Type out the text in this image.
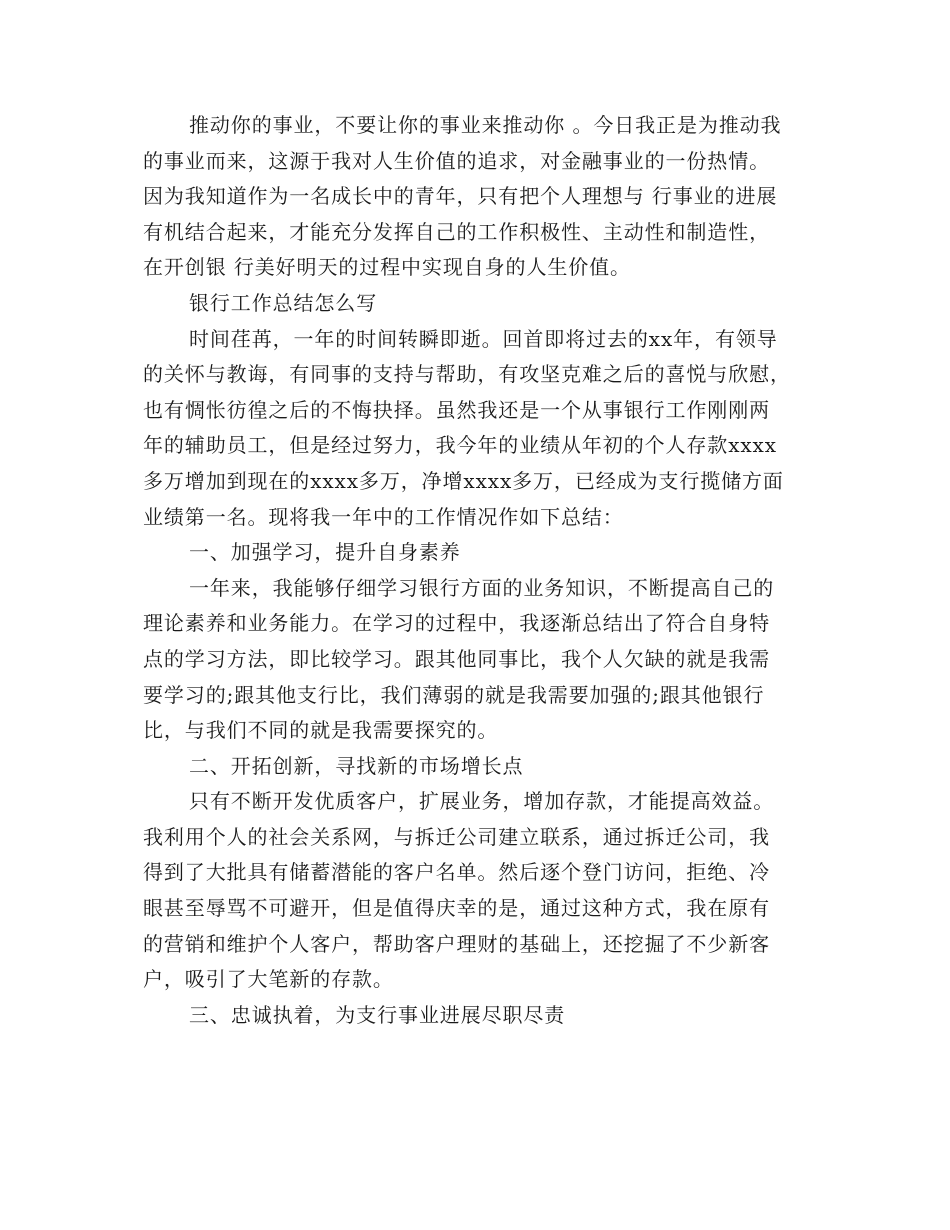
推动你的事业，不要让你的事业来推动你 。今日我正是为推动我
的事业而来，这源于我对人生价值的追求，对金融事业的一份热情。
因为我知道作为一名成长中的青年，只有把个人理想与 行事业的进展
有机结合起来，才能充分发挥自己的工作积极性、主动性和制造性，
在开创银 行美好明天的过程中实现自身的人生价值。
银行工作总结怎么写
时间荏苒，一年的时间转瞬即逝。回首即将过去的xx年，有领导
的关怀与教诲，有同事的支持与帮助，有攻坚克难之后的喜悦与欣慰，
也有惆怅彷徨之后的不悔抉择。虽然我还是一个从事银行工作刚刚两
年的辅助员工，但是经过努力，我今年的业绩从年初的个人存款xxxx
多万增加到现在的xxxx多万，净增xxxx多万，已经成为支行揽储方面
业绩第一名。现将我一年中的工作情况作如下总结：
一、加强学习，提升自身素养
一年来，我能够仔细学习银行方面的业务知识，不断提高自己的
理论素养和业务能力。在学习的过程中，我逐渐总结出了符合自身特
点的学习方法，即比较学习。跟其他同事比，我个人欠缺的就是我需
要学习的;跟其他支行比，我们薄弱的就是我需要加强的;跟其他银行
比，与我们不同的就是我需要探究的。
二、开拓创新，寻找新的市场增长点
只有不断开发优质客户，扩展业务，增加存款，才能提高效益。
我利用个人的社会关系网，与拆迁公司建立联系，通过拆迁公司，我
得到了大批具有储蓄潜能的客户名单。然后逐个登门访问，拒绝、冷
眼甚至辱骂不可避开，但是值得庆幸的是，通过这种方式，我在原有
的营销和维护个人客户，帮助客户理财的基础上，还挖掘了不少新客
户，吸引了大笔新的存款。
三、忠诚执着，为支行事业进展尽职尽责
